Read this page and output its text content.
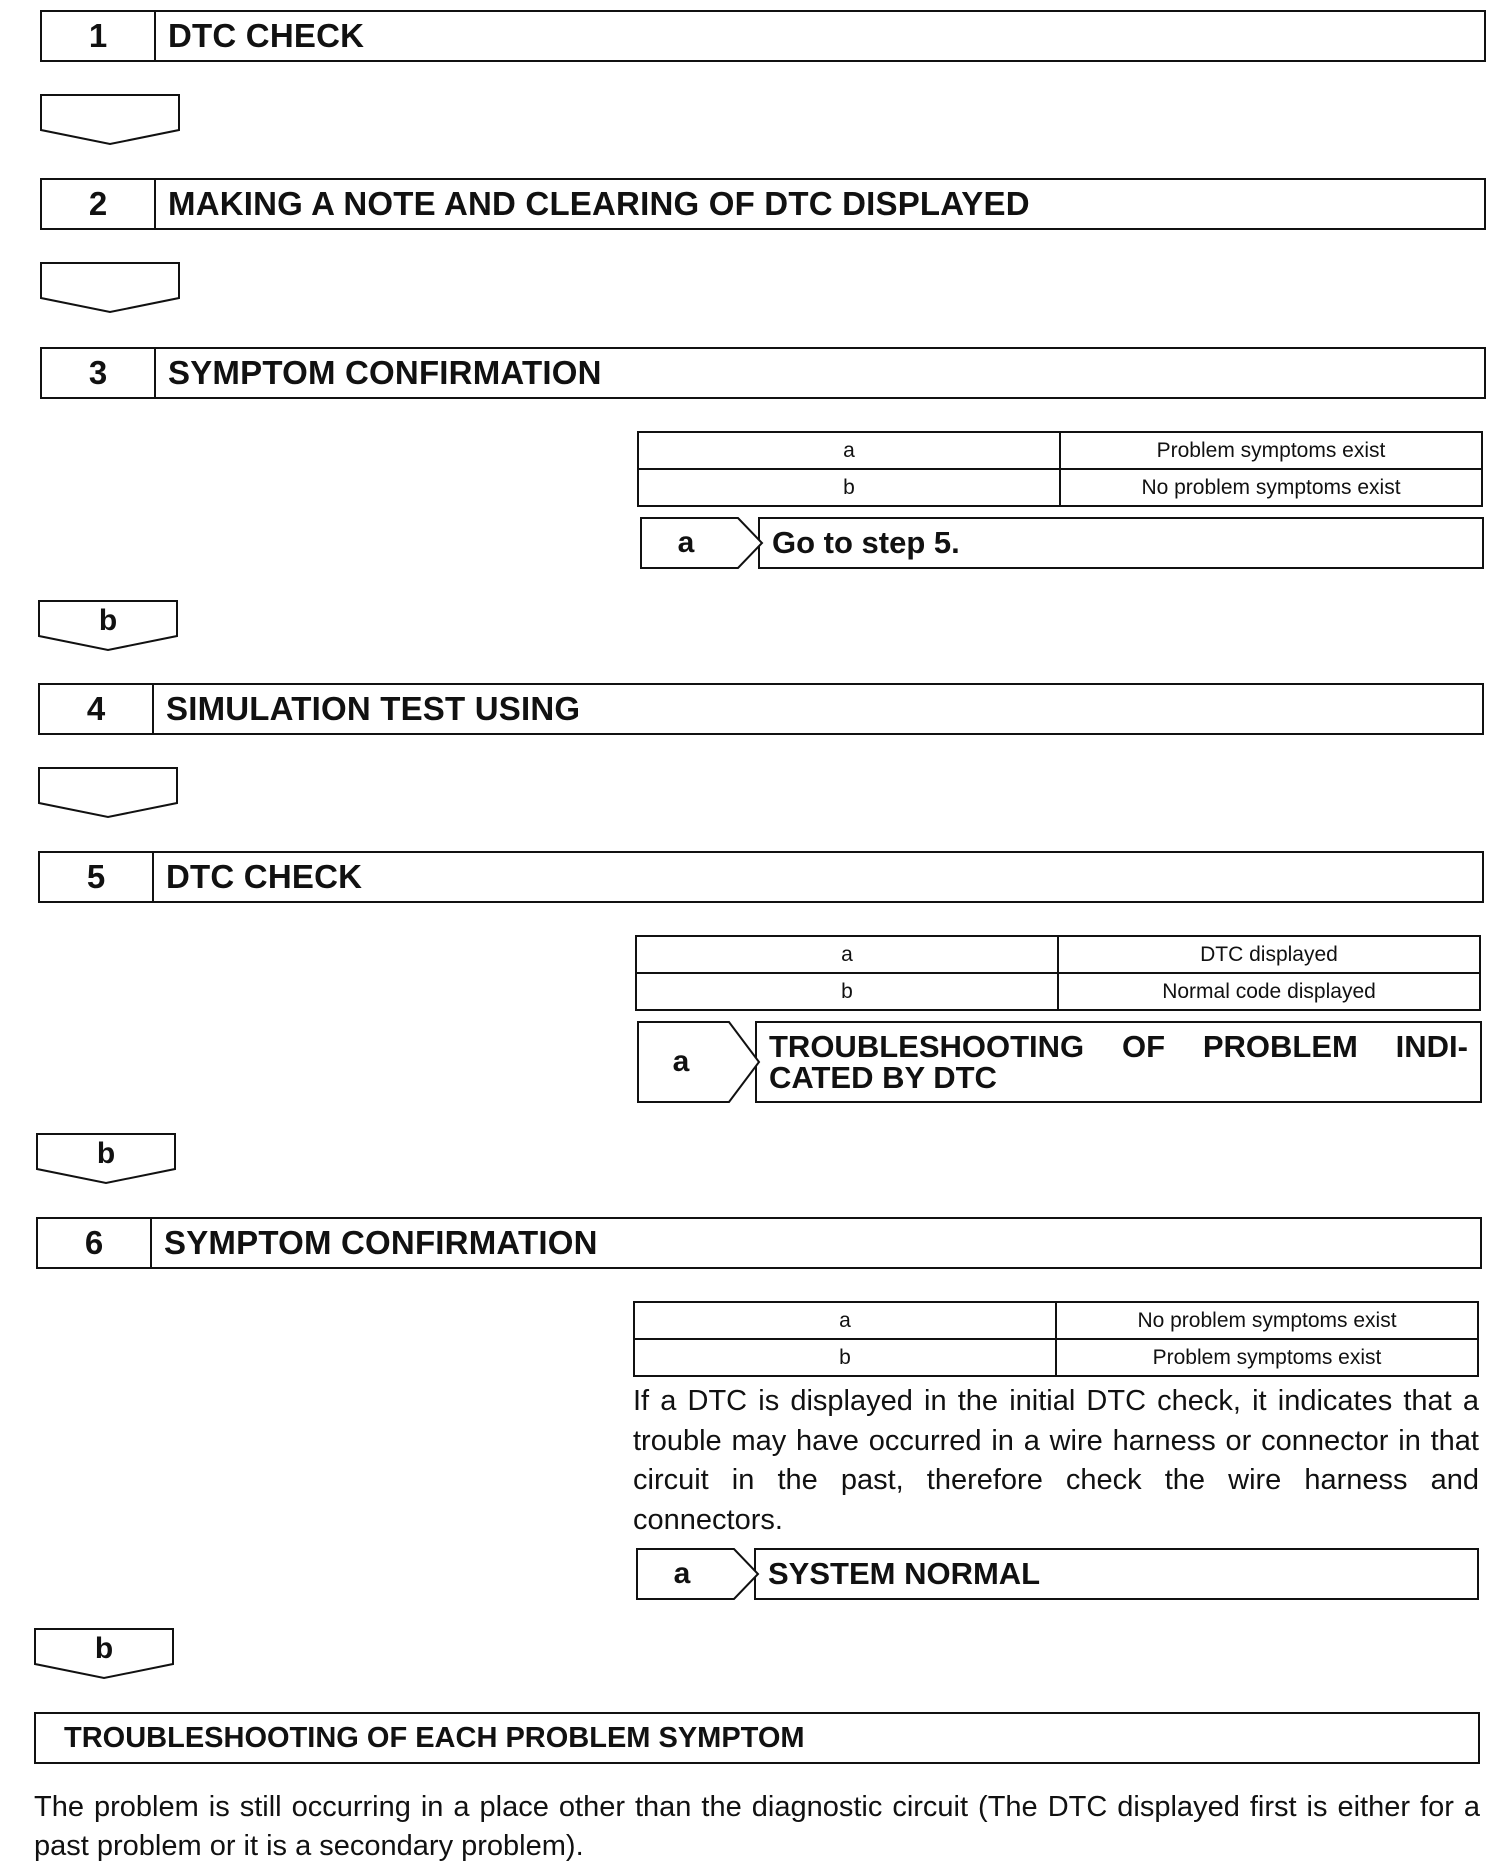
1	DTC CHECK
2	MAKING A NOTE AND CLEARING OF DTC DISPLAYED
3	SYMPTOM CONFIRMATION
a	Problem symptoms exist
b	No problem symptoms exist
a	Go to step 5.
b
4	SIMULATION TEST USING
5	DTC CHECK
a	DTC displayed
b	Normal code displayed
a	TROUBLESHOOTING OF PROBLEM INDI- CATED BY DTC
b
6	SYMPTOM CONFIRMATION
a	No problem symptoms exist
b	Problem symptoms exist
If a DTC is displayed in the initial DTC check, it indicates that a trouble may have occurred in a wire harness or connector in that circuit in the past, therefore check the wire harness and connectors.
a	SYSTEM NORMAL
b
TROUBLESHOOTING OF EACH PROBLEM SYMPTOM
The problem is still occurring in a place other than the diagnostic circuit (The DTC displayed first is either for a past problem or it is a secondary problem).
